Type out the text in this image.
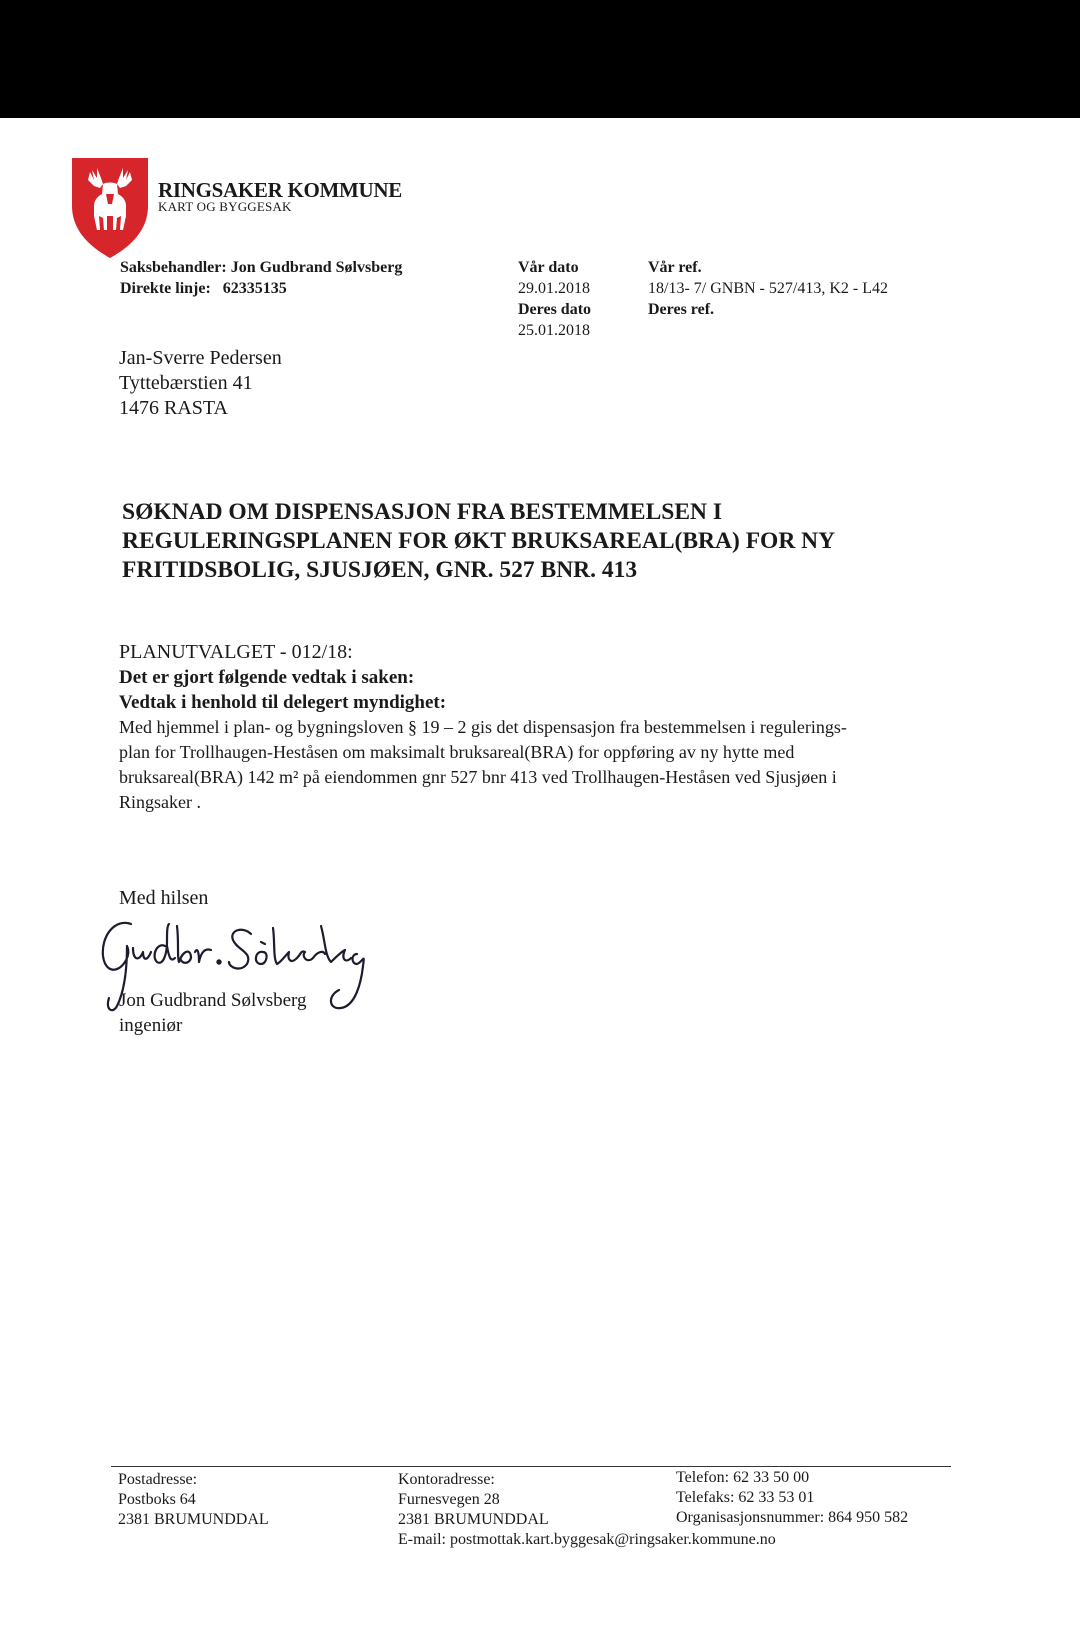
RINGSAKER KOMMUNE
KART OG BYGGESAK
Saksbehandler: Jon Gudbrand Sølvsberg
Direkte linje: 62335135
Vår dato
29.01.2018
Deres dato
25.01.2018
Vår ref.
18/13- 7/ GNBN - 527/413, K2 - L42
Deres ref.
Jan-Sverre Pedersen
Tyttebærstien 41
1476 RASTA
SØKNAD OM DISPENSASJON FRA BESTEMMELSEN I
REGULERINGSPLANEN FOR ØKT BRUKSAREAL(BRA) FOR NY
FRITIDSBOLIG, SJUSJØEN, GNR. 527 BNR. 413
PLANUTVALGET - 012/18:
Det er gjort følgende vedtak i saken:
Vedtak i henhold til delegert myndighet:
Med hjemmel i plan- og bygningsloven § 19 – 2 gis det dispensasjon fra bestemmelsen i regulerings-
plan for Trollhaugen-Heståsen om maksimalt bruksareal(BRA) for oppføring av ny hytte med
bruksareal(BRA) 142 m² på eiendommen gnr 527 bnr 413 ved Trollhaugen-Heståsen ved Sjusjøen i
Ringsaker .
Med hilsen
Jon Gudbrand Sølvsberg
ingeniør
Postadresse:
Postboks 64
2381 BRUMUNDDAL
Kontoradresse:
Furnesvegen 28
2381 BRUMUNDDAL
E-mail: postmottak.kart.byggesak@ringsaker.kommune.no
Telefon: 62 33 50 00
Telefaks: 62 33 53 01
Organisasjonsnummer: 864 950 582
